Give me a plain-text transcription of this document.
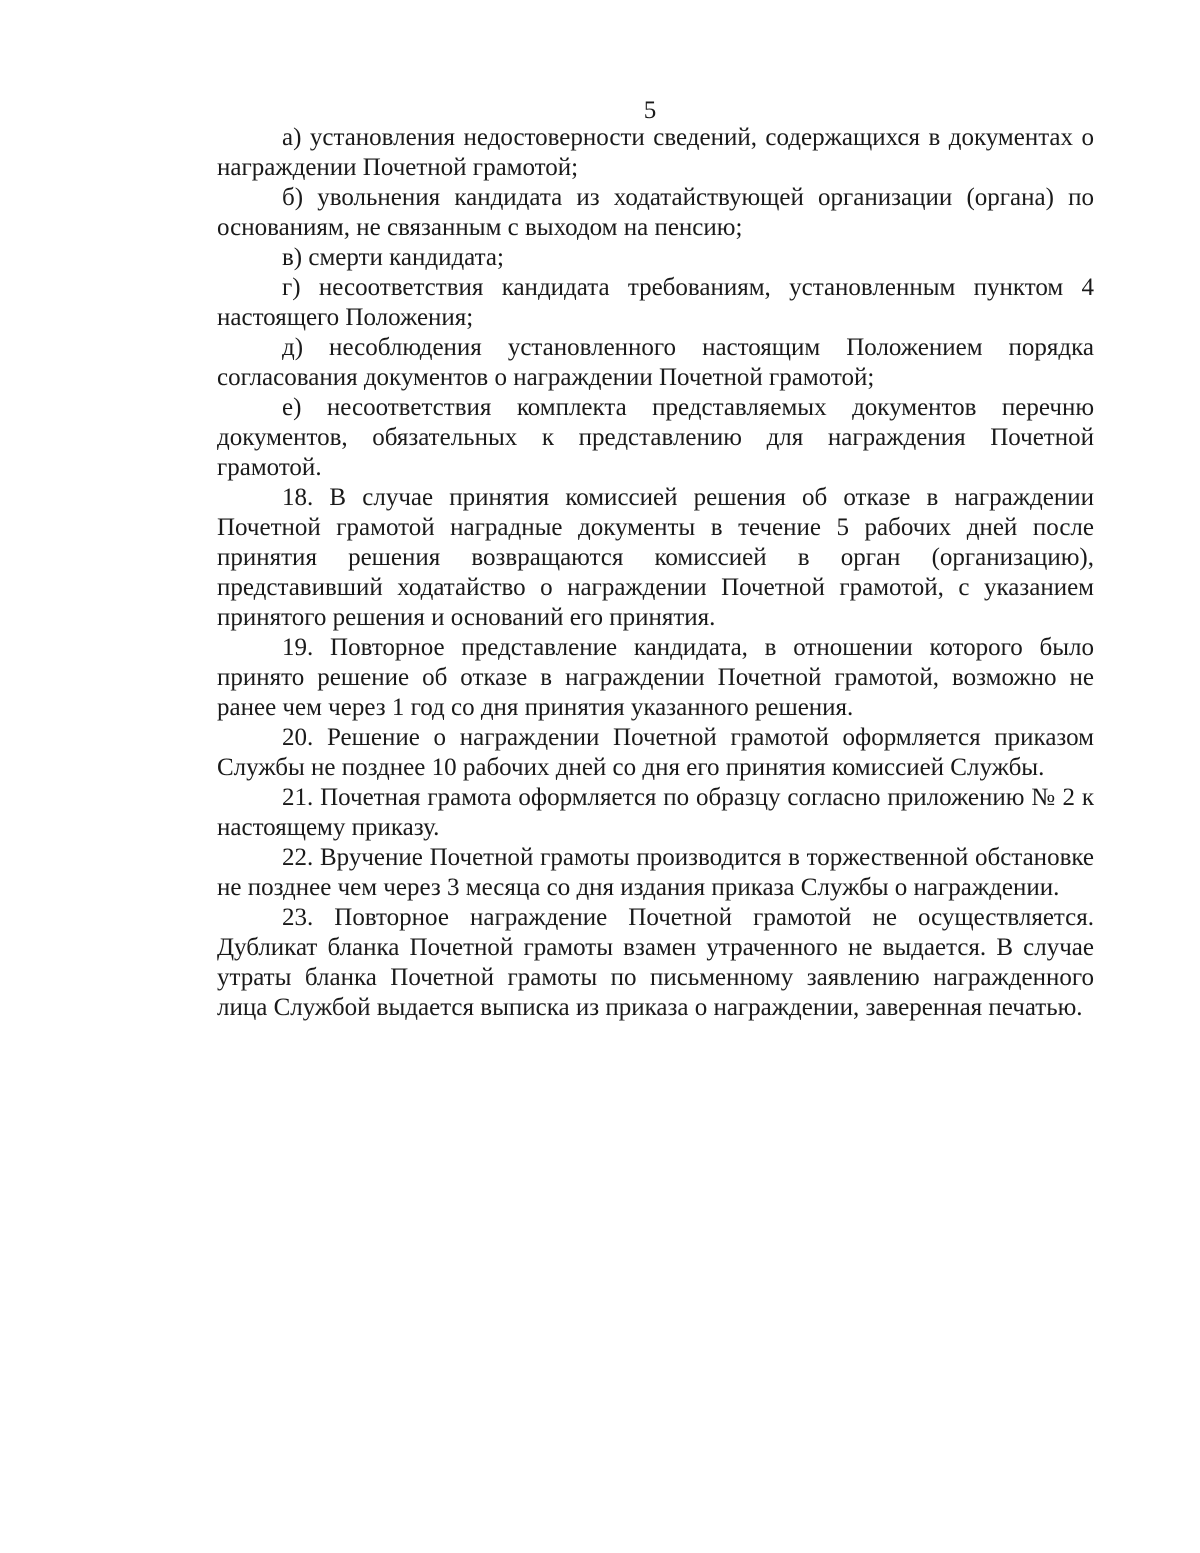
5

а) установления недостоверности сведений, содержащихся в документах о награждении Почетной грамотой;

б) увольнения кандидата из ходатайствующей организации (органа) по основаниям, не связанным с выходом на пенсию;

в) смерти кандидата;

г) несоответствия кандидата требованиям, установленным пунктом 4 настоящего Положения;

д) несоблюдения установленного настоящим Положением порядка согласования документов о награждении Почетной грамотой;

е) несоответствия комплекта представляемых документов перечню документов, обязательных к представлению для награждения Почетной грамотой.

18. В случае принятия комиссией решения об отказе в награждении Почетной грамотой наградные документы в течение 5 рабочих дней после принятия решения возвращаются комиссией в орган (организацию), представивший ходатайство о награждении Почетной грамотой, с указанием принятого решения и оснований его принятия.

19. Повторное представление кандидата, в отношении которого было принято решение об отказе в награждении Почетной грамотой, возможно не ранее чем через 1 год со дня принятия указанного решения.

20. Решение о награждении Почетной грамотой оформляется приказом Службы не позднее 10 рабочих дней со дня его принятия комиссией Службы.

21. Почетная грамота оформляется по образцу согласно приложению № 2 к настоящему приказу.

22. Вручение Почетной грамоты производится в торжественной обстановке не позднее чем через 3 месяца со дня издания приказа Службы о награждении.

23. Повторное награждение Почетной грамотой не осуществляется. Дубликат бланка Почетной грамоты взамен утраченного не выдается. В случае утраты бланка Почетной грамоты по письменному заявлению награжденного лица Службой выдается выписка из приказа о награждении, заверенная печатью.
